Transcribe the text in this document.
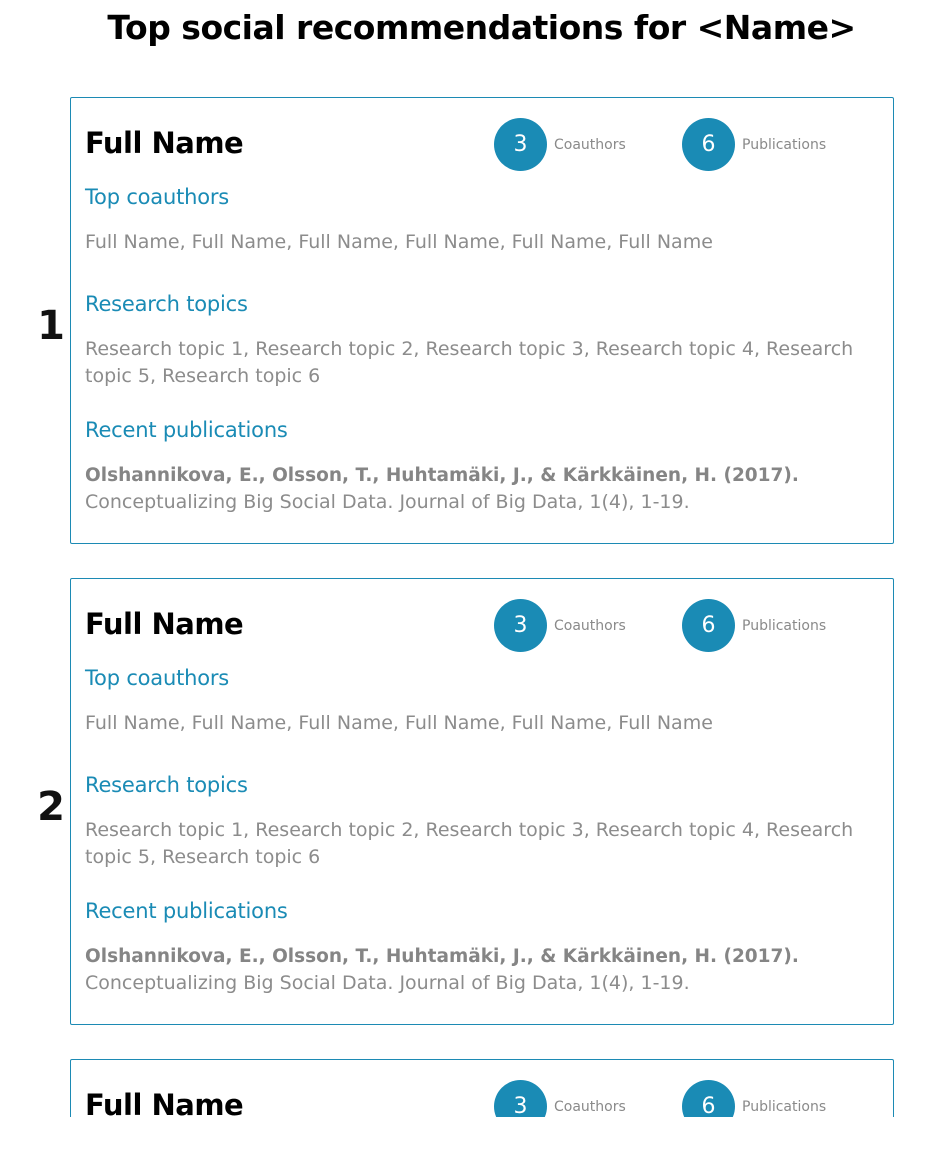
Top social recommendations for <Name>
1
Full Name	3	Coauthors	6	Publications
Top coauthors
Full Name, Full Name, Full Name, Full Name, Full Name, Full Name
Research topics
Research topic 1, Research topic 2, Research topic 3, Research topic 4, Research topic 5, Research topic 6
Recent publications
Olshannikova, E., Olsson, T., Huhtamäki, J., & Kärkkäinen, H. (2017).
Conceptualizing Big Social Data. Journal of Big Data, 1(4), 1-19.
2
Full Name	3	Coauthors	6	Publications
Top coauthors
Full Name, Full Name, Full Name, Full Name, Full Name, Full Name
Research topics
Research topic 1, Research topic 2, Research topic 3, Research topic 4, Research topic 5, Research topic 6
Recent publications
Olshannikova, E., Olsson, T., Huhtamäki, J., & Kärkkäinen, H. (2017).
Conceptualizing Big Social Data. Journal of Big Data, 1(4), 1-19.
Full Name	3	Coauthors	6	Publications
